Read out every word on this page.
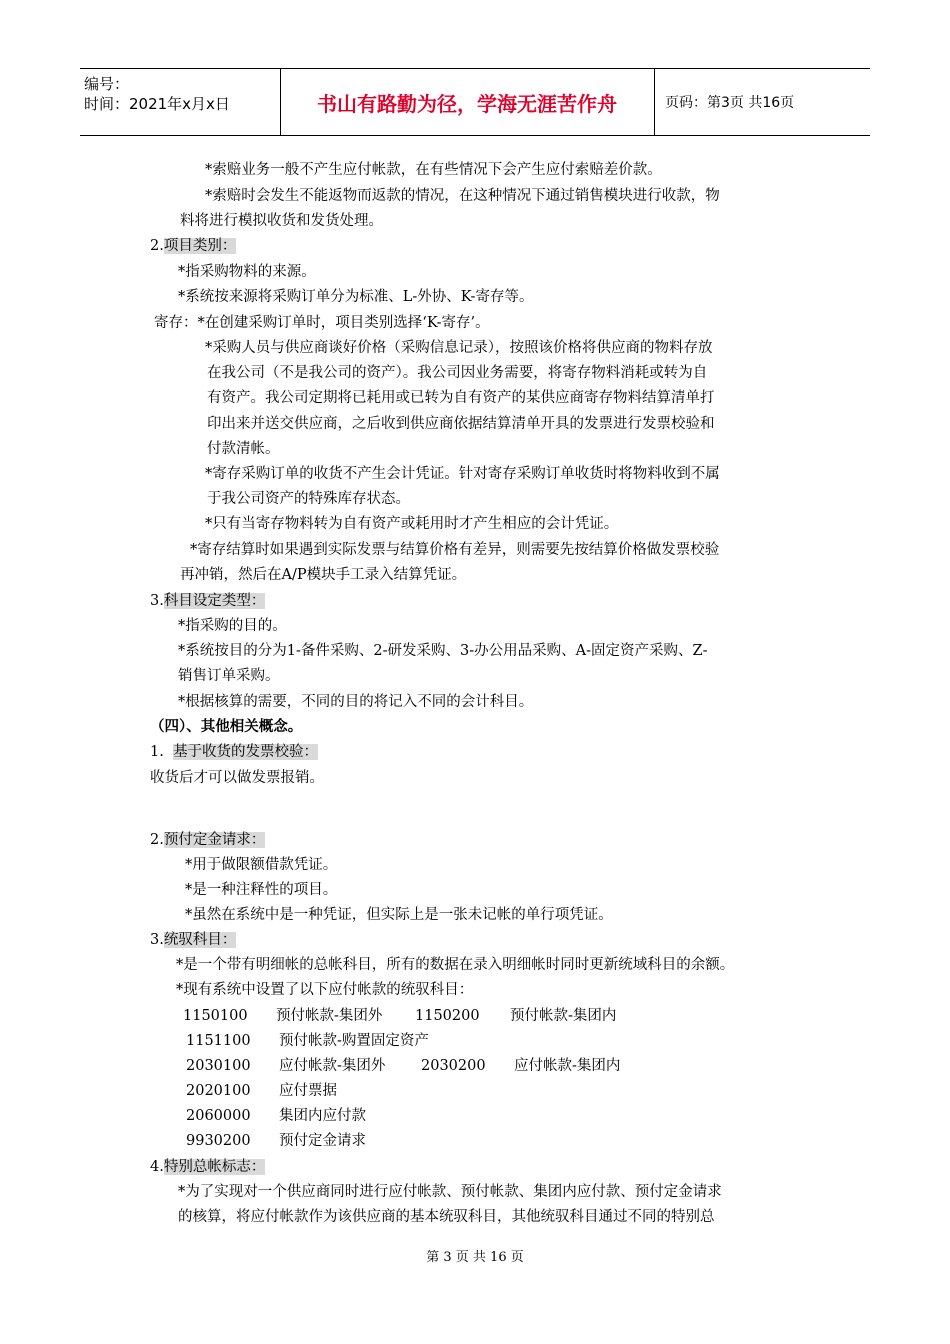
编号：
时间：2021年x月x日	书山有路勤为径，学海无涯苦作舟	页码：第3页 共16页
*索赔业务一般不产生应付帐款，在有些情况下会产生应付索赔差价款。
*索赔时会发生不能返物而返款的情况，在这种情况下通过销售模块进行收款，物
料将进行模拟收货和发货处理。
2.项目类别：
*指采购物料的来源。
*系统按来源将采购订单分为标准、L-外协、K-寄存等。
寄存：*在创建采购订单时，项目类别选择‘K-寄存’。
*采购人员与供应商谈好价格（采购信息记录），按照该价格将供应商的物料存放
在我公司（不是我公司的资产）。我公司因业务需要，将寄存物料消耗或转为自
有资产。我公司定期将已耗用或已转为自有资产的某供应商寄存物料结算清单打
印出来并送交供应商，之后收到供应商依据结算清单开具的发票进行发票校验和
付款清帐。
*寄存采购订单的收货不产生会计凭证。针对寄存采购订单收货时将物料收到不属
于我公司资产的特殊库存状态。
*只有当寄存物料转为自有资产或耗用时才产生相应的会计凭证。
*寄存结算时如果遇到实际发票与结算价格有差异，则需要先按结算价格做发票校验
再冲销，然后在A/P模块手工录入结算凭证。
3.科目设定类型：
*指采购的目的。
*系统按目的分为1-备件采购、2-研发采购、3-办公用品采购、A-固定资产采购、Z-
销售订单采购。
*根据核算的需要，不同的目的将记入不同的会计科目。
（四）、其他相关概念。
1. 基于收货的发票校验：
收货后才可以做发票报销。
2.预付定金请求：
*用于做限额借款凭证。
*是一种注释性的项目。
*虽然在系统中是一种凭证，但实际上是一张未记帐的单行项凭证。
3.统驭科目：
*是一个带有明细帐的总帐科目，所有的数据在录入明细帐时同时更新统域科目的余额。
*现有系统中设置了以下应付帐款的统驭科目：
1150100 预付帐款-集团外 1150200 预付帐款-集团内
1151100 预付帐款-购置固定资产
2030100 应付帐款-集团外 2030200 应付帐款-集团内
2020100 应付票据
2060000 集团内应付款
9930200 预付定金请求
4.特别总帐标志：
*为了实现对一个供应商同时进行应付帐款、预付帐款、集团内应付款、预付定金请求
的核算，将应付帐款作为该供应商的基本统驭科目，其他统驭科目通过不同的特别总
第 3 页 共 16 页
